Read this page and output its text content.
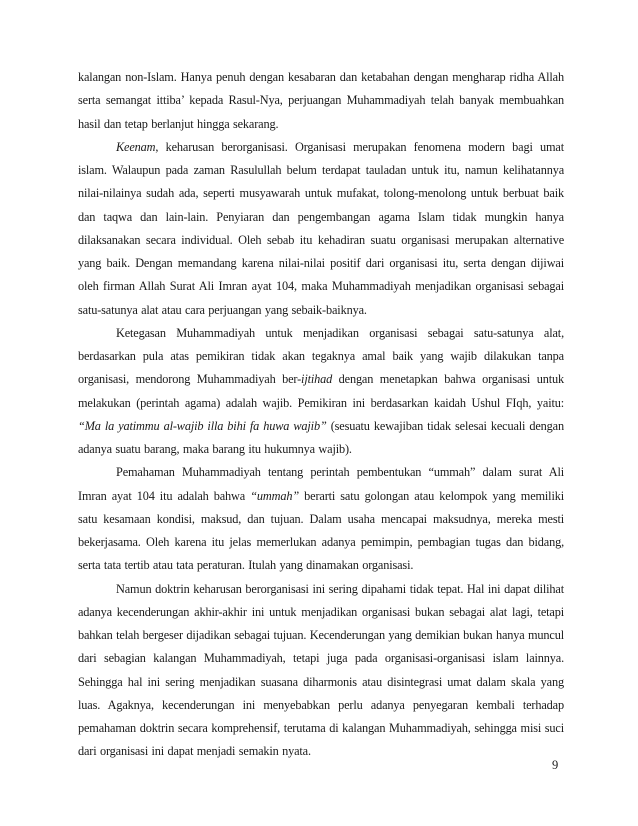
kalangan non-Islam. Hanya penuh dengan kesabaran dan ketabahan dengan mengharap ridha Allah serta semangat ittiba’ kepada Rasul-Nya, perjuangan Muhammadiyah telah banyak membuahkan hasil dan tetap berlanjut hingga sekarang.

Keenam, keharusan berorganisasi. Organisasi merupakan fenomena modern bagi umat islam. Walaupun pada zaman Rasulullah belum terdapat tauladan untuk itu, namun kelihatannya nilai-nilainya sudah ada, seperti musyawarah untuk mufakat, tolong-menolong untuk berbuat baik dan taqwa dan lain-lain. Penyiaran dan pengembangan agama Islam tidak mungkin hanya dilaksanakan secara individual. Oleh sebab itu kehadiran suatu organisasi merupakan alternative yang baik. Dengan memandang karena nilai-nilai positif dari organisasi itu, serta dengan dijiwai oleh firman Allah Surat Ali Imran ayat 104, maka Muhammadiyah menjadikan organisasi sebagai satu-satunya alat atau cara perjuangan yang sebaik-baiknya.

Ketegasan Muhammadiyah untuk menjadikan organisasi sebagai satu-satunya alat, berdasarkan pula atas pemikiran tidak akan tegaknya amal baik yang wajib dilakukan tanpa organisasi, mendorong Muhammadiyah ber-ijtihad dengan menetapkan bahwa organisasi untuk melakukan (perintah agama) adalah wajib. Pemikiran ini berdasarkan kaidah Ushul FIqh, yaitu: “Ma la yatimmu al-wajib illa bihi fa huwa wajib” (sesuatu kewajiban tidak selesai kecuali dengan adanya suatu barang, maka barang itu hukumnya wajib).

Pemahaman Muhammadiyah tentang perintah pembentukan “ummah” dalam surat Ali Imran ayat 104 itu adalah bahwa “ummah” berarti satu golongan atau kelompok yang memiliki satu kesamaan kondisi, maksud, dan tujuan. Dalam usaha mencapai maksudnya, mereka mesti bekerjasama. Oleh karena itu jelas memerlukan adanya pemimpin, pembagian tugas dan bidang, serta tata tertib atau tata peraturan. Itulah yang dinamakan organisasi.

Namun doktrin keharusan berorganisasi ini sering dipahami tidak tepat. Hal ini dapat dilihat adanya kecenderungan akhir-akhir ini untuk menjadikan organisasi bukan sebagai alat lagi, tetapi bahkan telah bergeser dijadikan sebagai tujuan. Kecenderungan yang demikian bukan hanya muncul dari sebagian kalangan Muhammadiyah, tetapi juga pada organisasi-organisasi islam lainnya. Sehingga hal ini sering menjadikan suasana diharmonis atau disintegrasi umat dalam skala yang luas. Agaknya, kecenderungan ini menyebabkan perlu adanya penyegaran kembali terhadap pemahaman doktrin secara komprehensif, terutama di kalangan Muhammadiyah, sehingga misi suci dari organisasi ini dapat menjadi semakin nyata.

9
